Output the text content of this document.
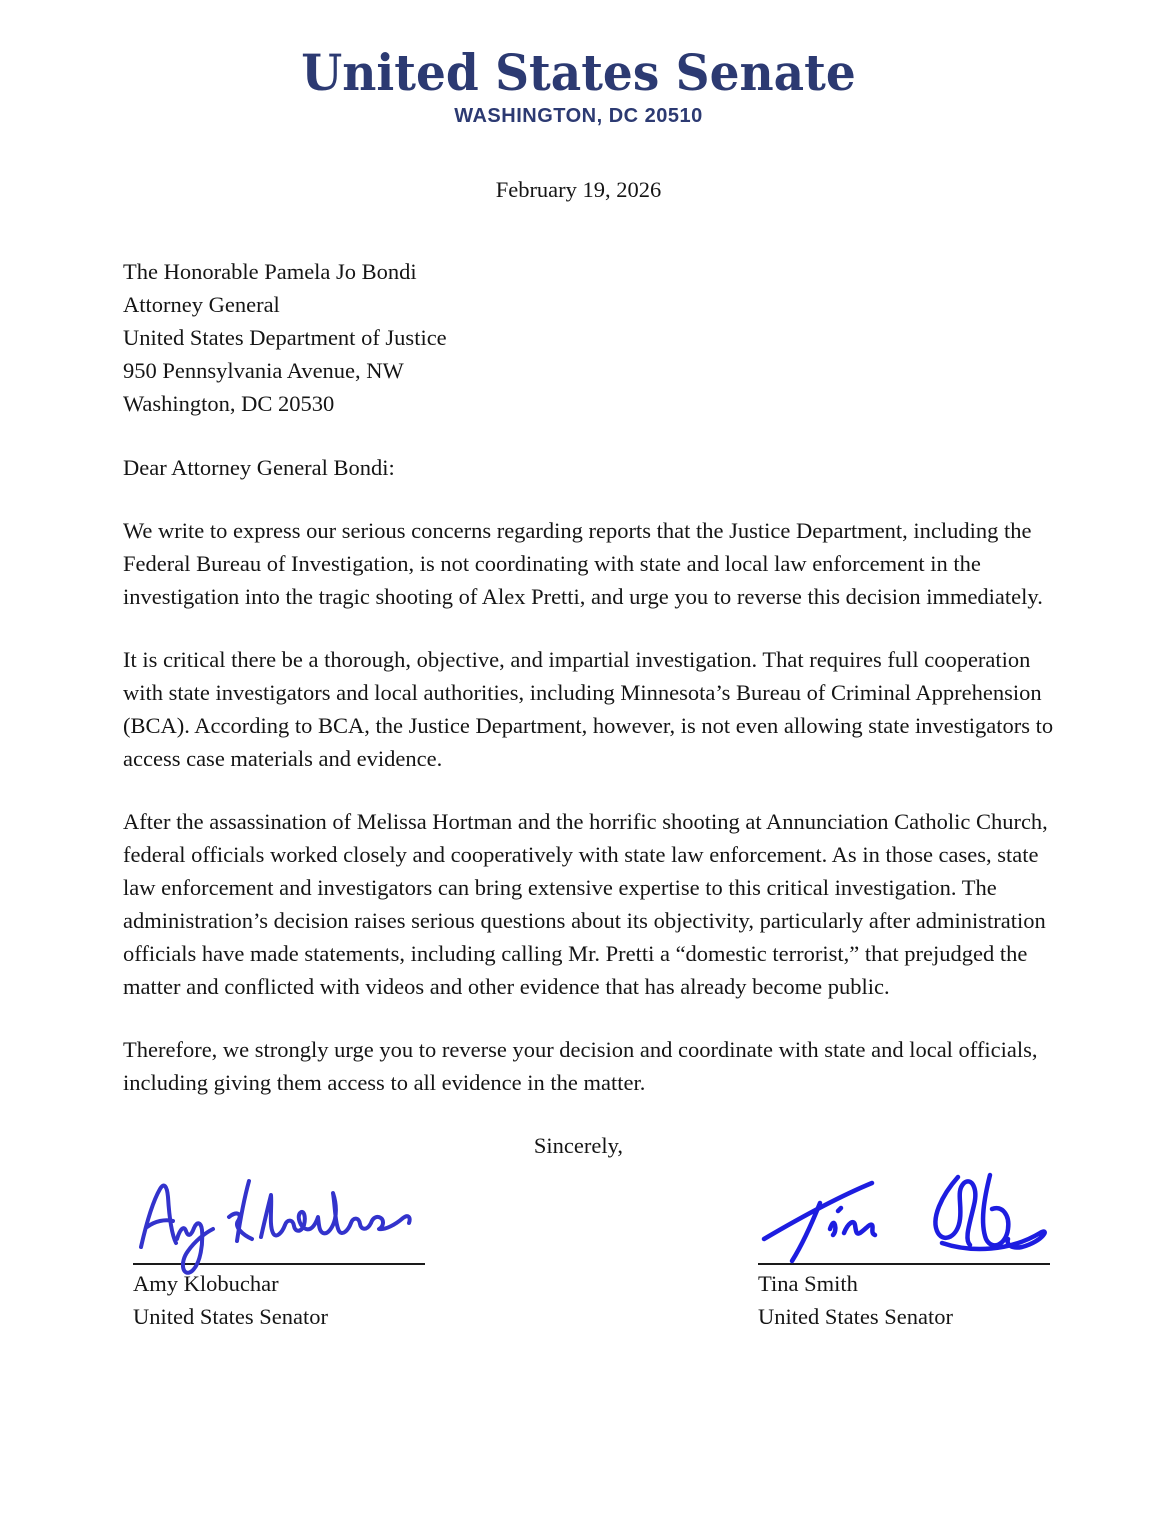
United States Senate
WASHINGTON, DC 20510
February 19, 2026
The Honorable Pamela Jo Bondi
Attorney General
United States Department of Justice
950 Pennsylvania Avenue, NW
Washington, DC 20530
Dear Attorney General Bondi:
We write to express our serious concerns regarding reports that the Justice Department, including the Federal Bureau of Investigation, is not coordinating with state and local law enforcement in the investigation into the tragic shooting of Alex Pretti, and urge you to reverse this decision immediately.
It is critical there be a thorough, objective, and impartial investigation. That requires full cooperation with state investigators and local authorities, including Minnesota’s Bureau of Criminal Apprehension (BCA). According to BCA, the Justice Department, however, is not even allowing state investigators to access case materials and evidence.
After the assassination of Melissa Hortman and the horrific shooting at Annunciation Catholic Church, federal officials worked closely and cooperatively with state law enforcement. As in those cases, state law enforcement and investigators can bring extensive expertise to this critical investigation. The administration’s decision raises serious questions about its objectivity, particularly after administration officials have made statements, including calling Mr. Pretti a “domestic terrorist,” that prejudged the matter and conflicted with videos and other evidence that has already become public.
Therefore, we strongly urge you to reverse your decision and coordinate with state and local officials, including giving them access to all evidence in the matter.
Sincerely,
Amy Klobuchar
United States Senator
Tina Smith
United States Senator
